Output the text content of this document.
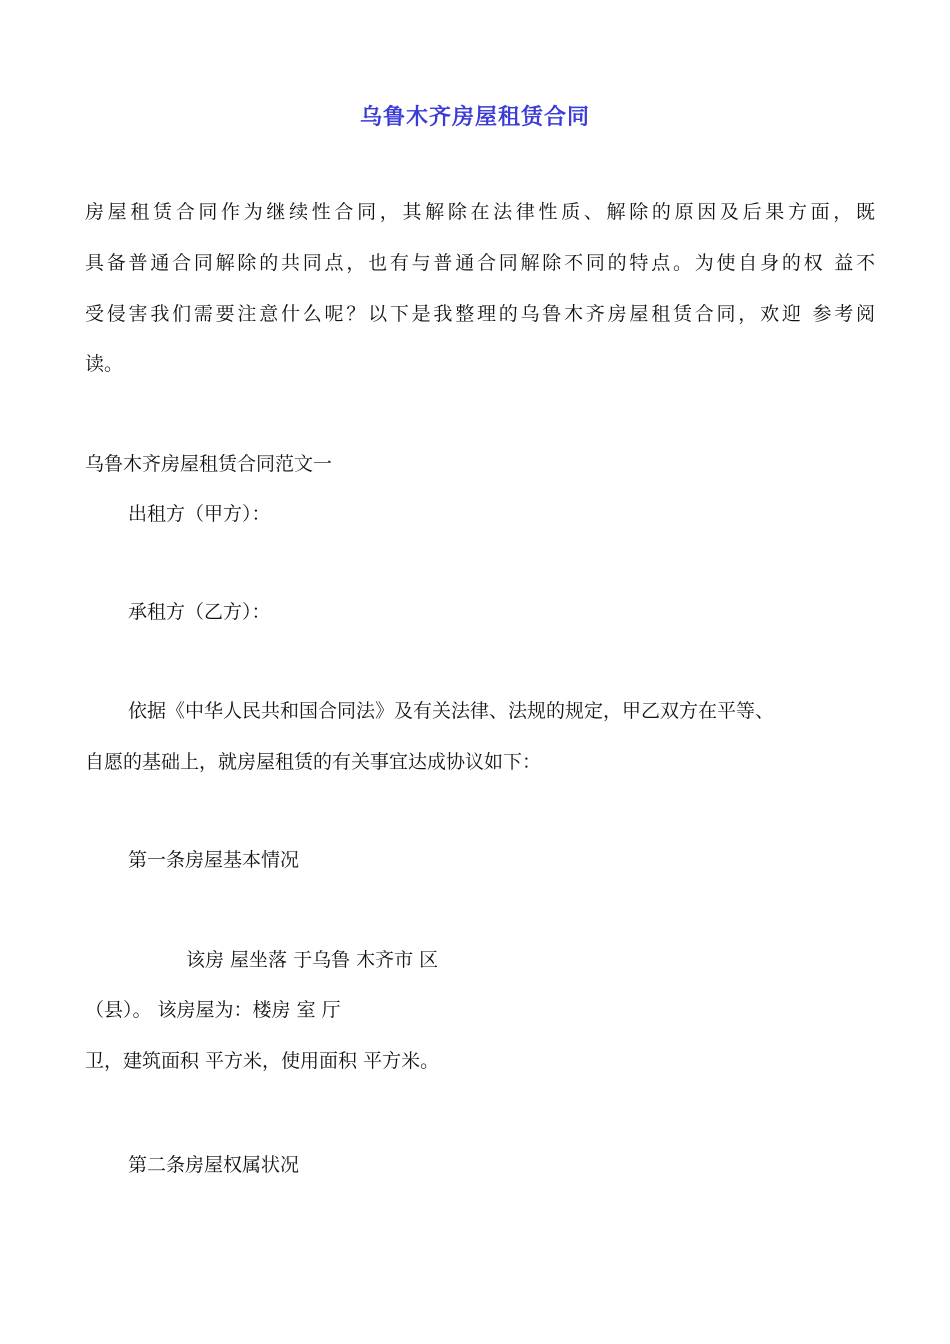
乌鲁木齐房屋租赁合同
房屋租赁合同作为继续性合同，其解除在法律性质、解除的原因及后果方面，既
具备普通合同解除的共同点，也有与普通合同解除不同的特点。为使自身的权 益不
受侵害我们需要注意什么呢？以下是我整理的乌鲁木齐房屋租赁合同，欢迎 参考阅
读。
乌鲁木齐房屋租赁合同范文一
出租方（甲方）：
承租方（乙方）：
依据《中华人民共和国合同法》及有关法律、法规的规定，甲乙双方在平等、
自愿的基础上，就房屋租赁的有关事宜达成协议如下：
第一条房屋基本情况
该房 屋坐落 于乌鲁 木齐市 区
（县）。 该房屋为：楼房 室 厅
卫，建筑面积 平方米，使用面积 平方米。
第二条房屋权属状况
